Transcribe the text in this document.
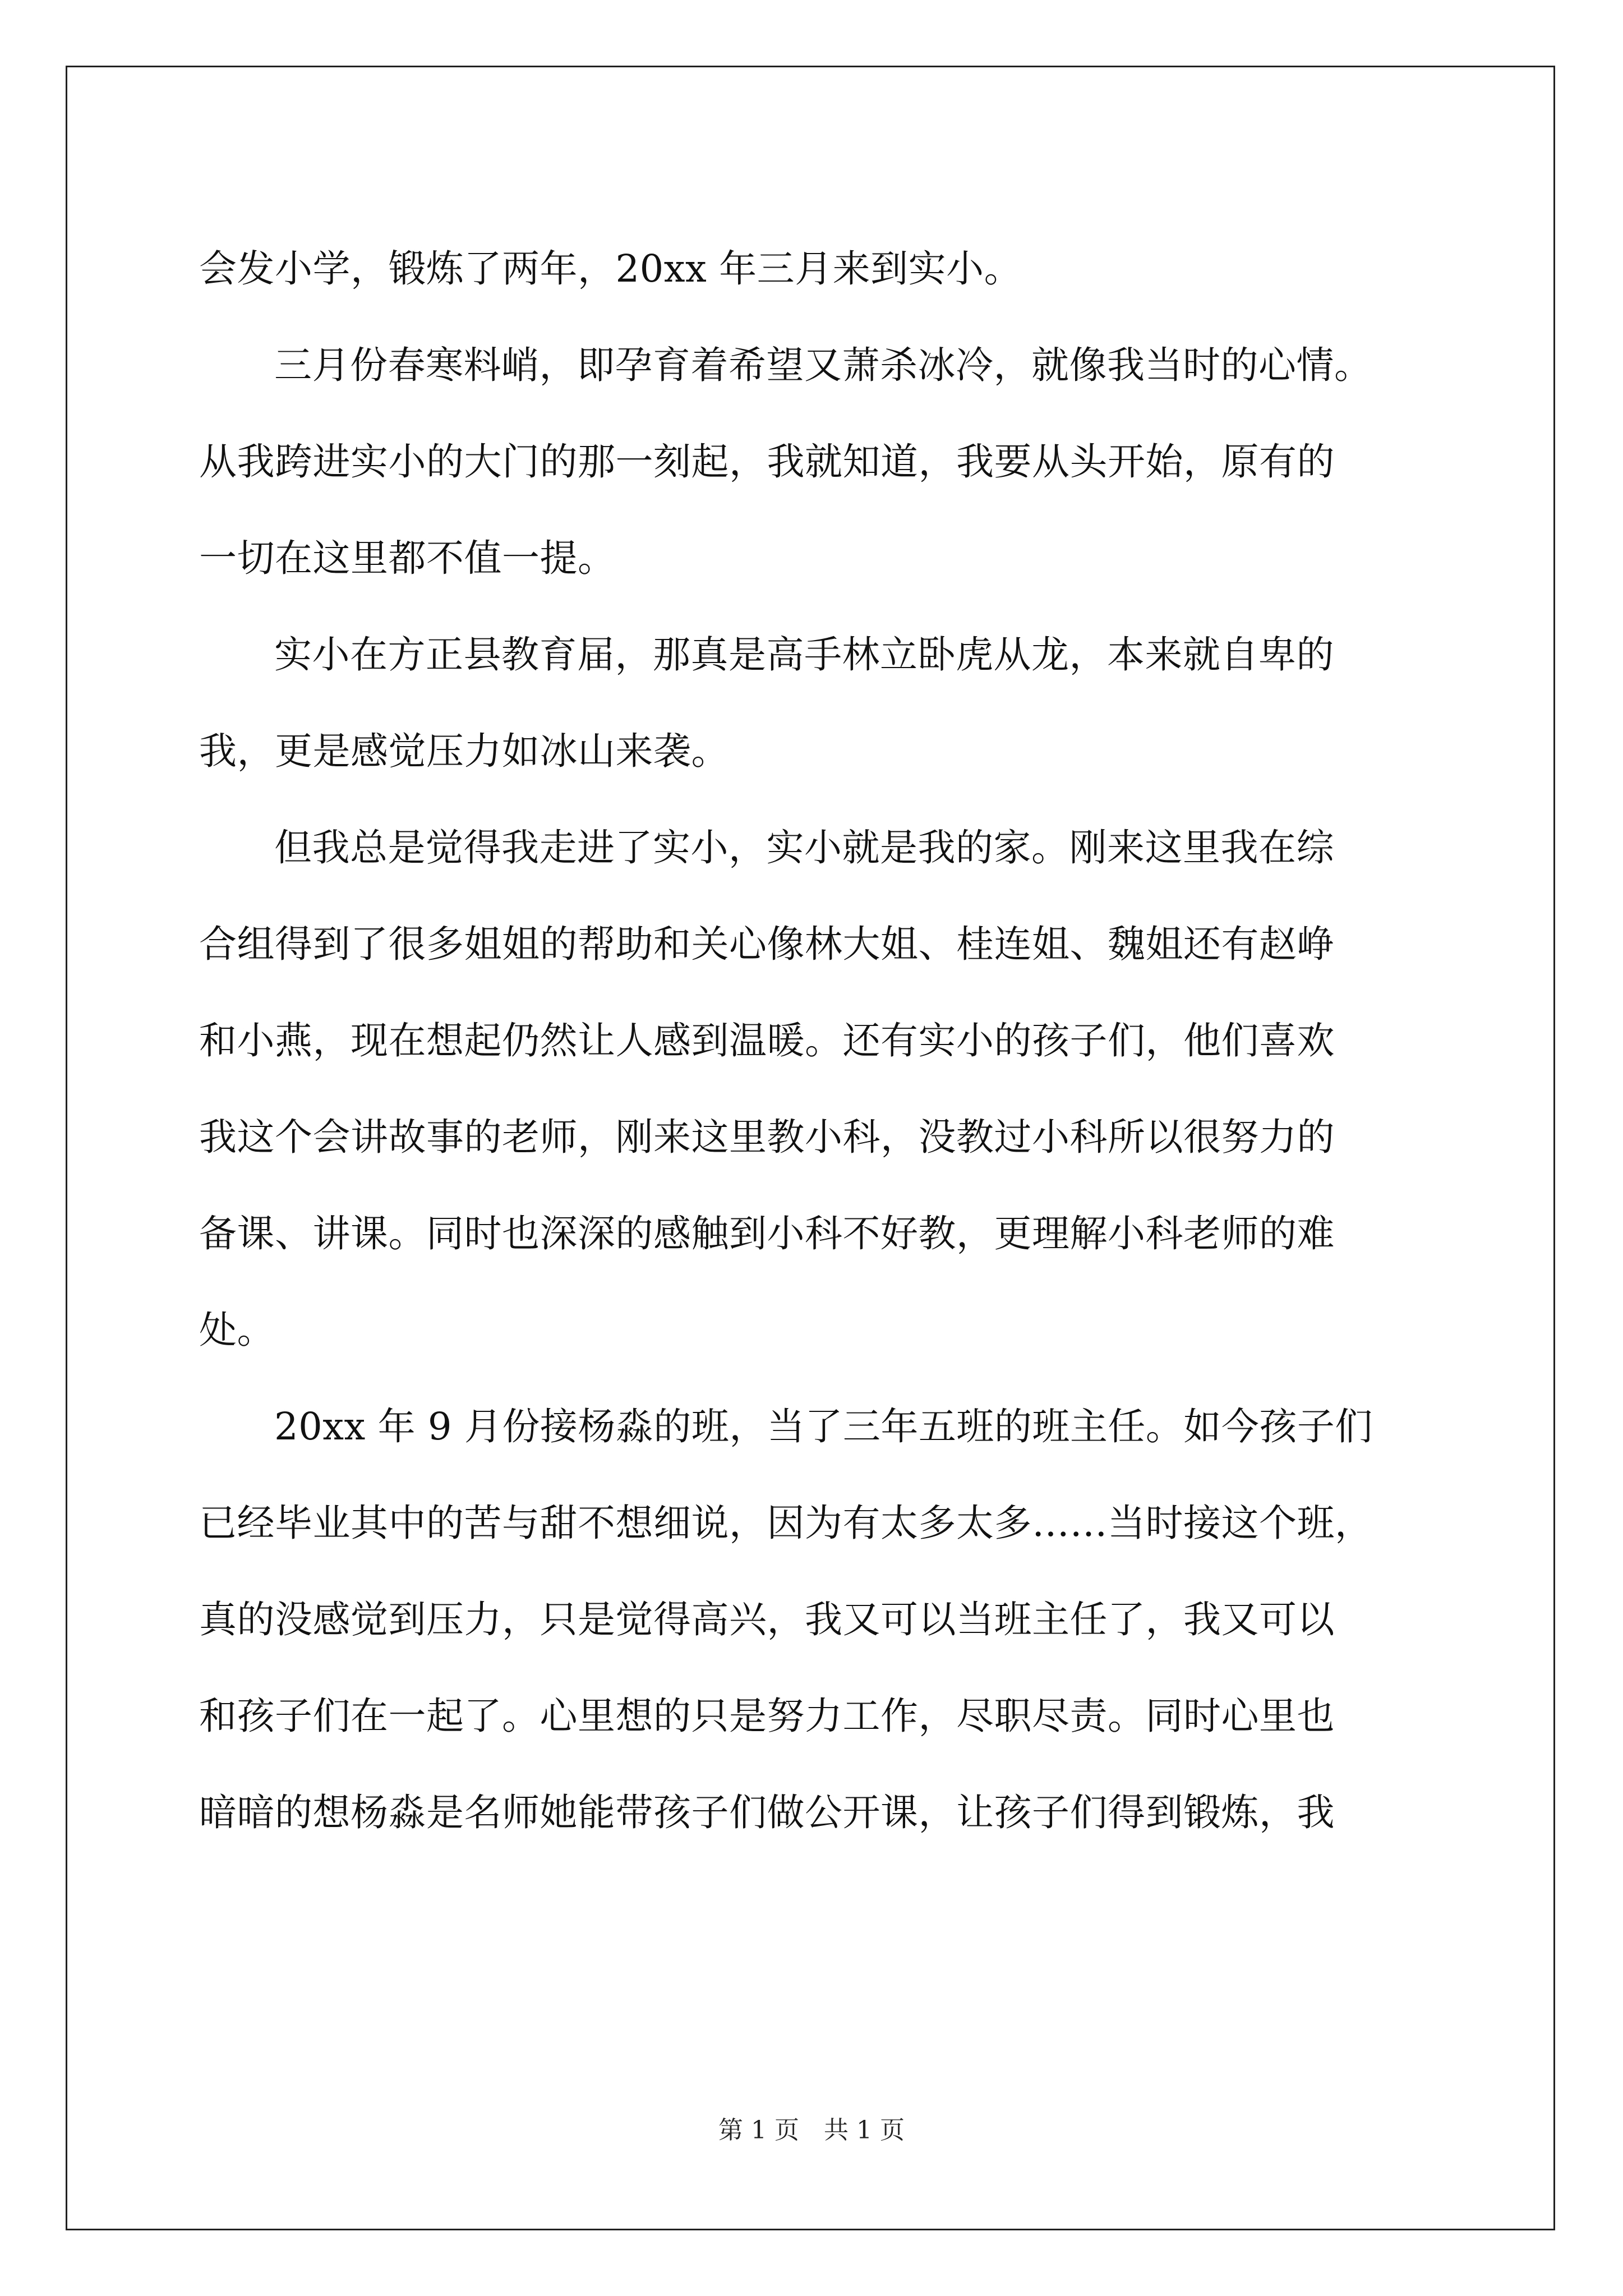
会发小学，锻炼了两年，20xx 年三月来到实小。
三月份春寒料峭，即孕育着希望又萧杀冰冷，就像我当时的心情。
从我跨进实小的大门的那一刻起，我就知道，我要从头开始，原有的
一切在这里都不值一提。
实小在方正县教育届，那真是高手林立卧虎从龙，本来就自卑的
我，更是感觉压力如冰山来袭。
但我总是觉得我走进了实小，实小就是我的家。刚来这里我在综
合组得到了很多姐姐的帮助和关心像林大姐、桂连姐、魏姐还有赵峥
和小燕，现在想起仍然让人感到温暖。还有实小的孩子们，他们喜欢
我这个会讲故事的老师，刚来这里教小科，没教过小科所以很努力的
备课、讲课。同时也深深的感触到小科不好教，更理解小科老师的难
处。
20xx 年 9 月份接杨淼的班，当了三年五班的班主任。如今孩子们
已经毕业其中的苦与甜不想细说，因为有太多太多……当时接这个班，
真的没感觉到压力，只是觉得高兴，我又可以当班主任了，我又可以
和孩子们在一起了。心里想的只是努力工作，尽职尽责。同时心里也
暗暗的想杨淼是名师她能带孩子们做公开课，让孩子们得到锻炼，我
第 1 页　共 1 页
